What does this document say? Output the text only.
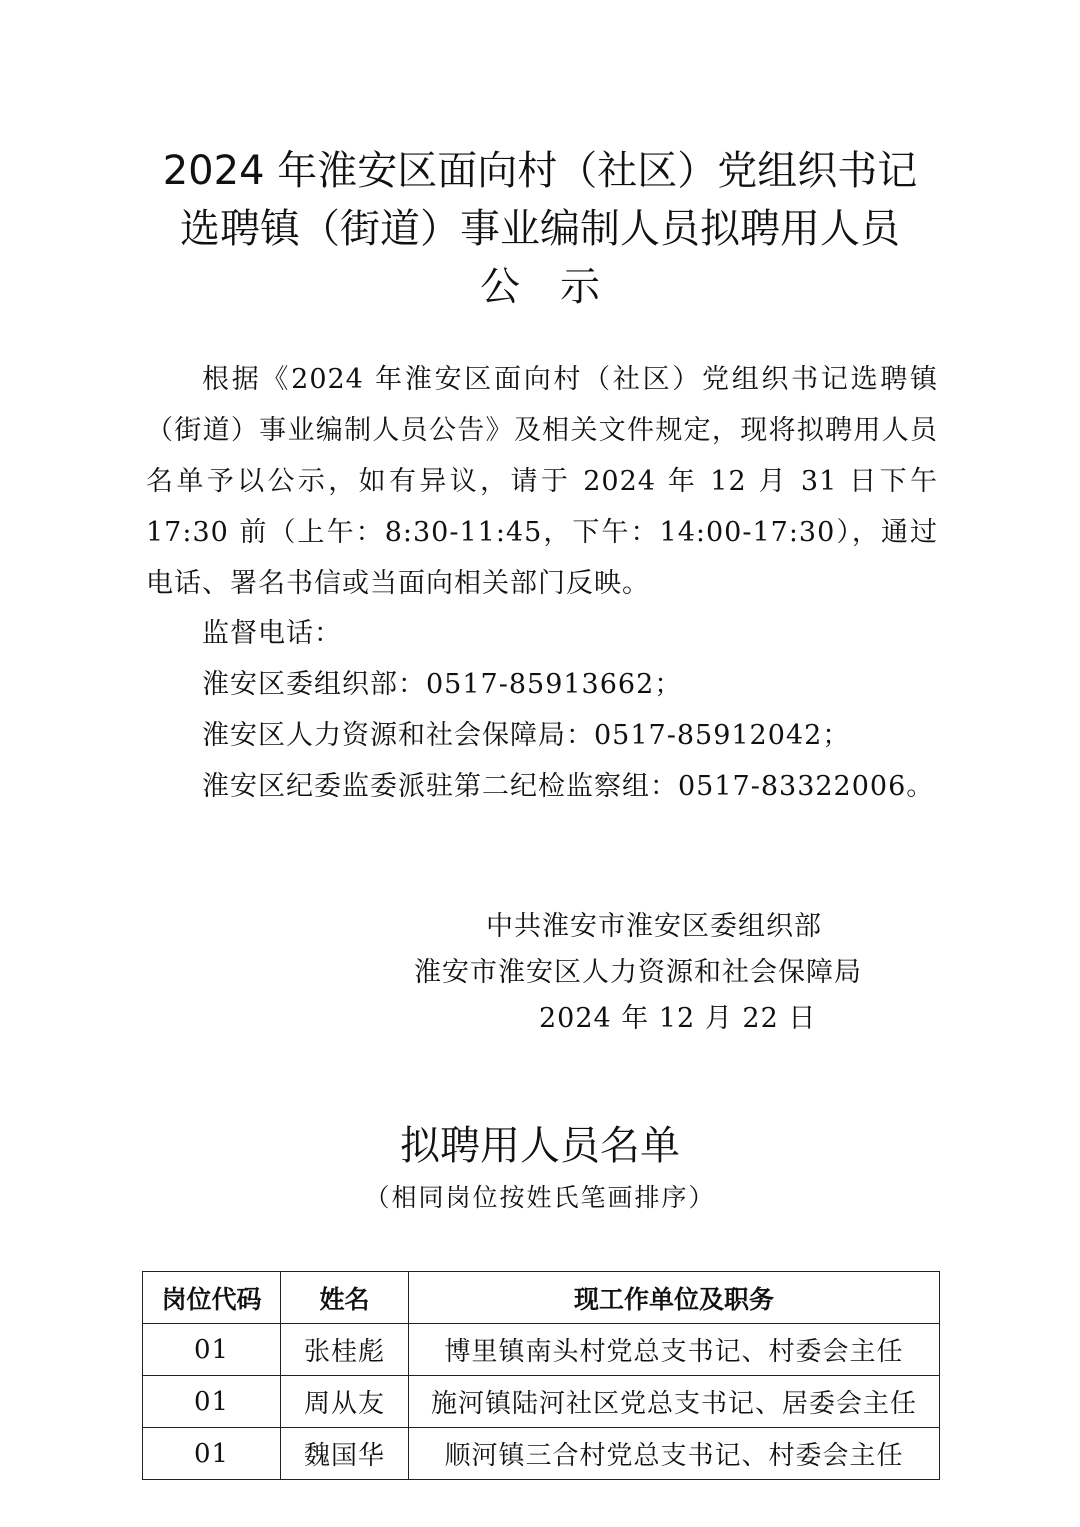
2024 年淮安区面向村（社区）党组织书记
选聘镇（街道）事业编制人员拟聘用人员
公　示
根据《2024 年淮安区面向村（社区）党组织书记选聘镇（街道）事业编制人员公告》及相关文件规定，现将拟聘用人员名单予以公示，如有异议，请于 2024 年 12 月 31 日下午 17:30 前（上午：8:30-11:45，下午：14:00-17:30），通过电话、署名书信或当面向相关部门反映。
监督电话：
淮安区委组织部：0517-85913662；
淮安区人力资源和社会保障局：0517-85912042；
淮安区纪委监委派驻第二纪检监察组：0517-83322006。
中共淮安市淮安区委组织部
淮安市淮安区人力资源和社会保障局
2024 年 12 月 22 日
拟聘用人员名单
（相同岗位按姓氏笔画排序）
岗位代码	姓名	现工作单位及职务
01	张桂彪	博里镇南头村党总支书记、村委会主任
01	周从友	施河镇陆河社区党总支书记、居委会主任
01	魏国华	顺河镇三合村党总支书记、村委会主任
